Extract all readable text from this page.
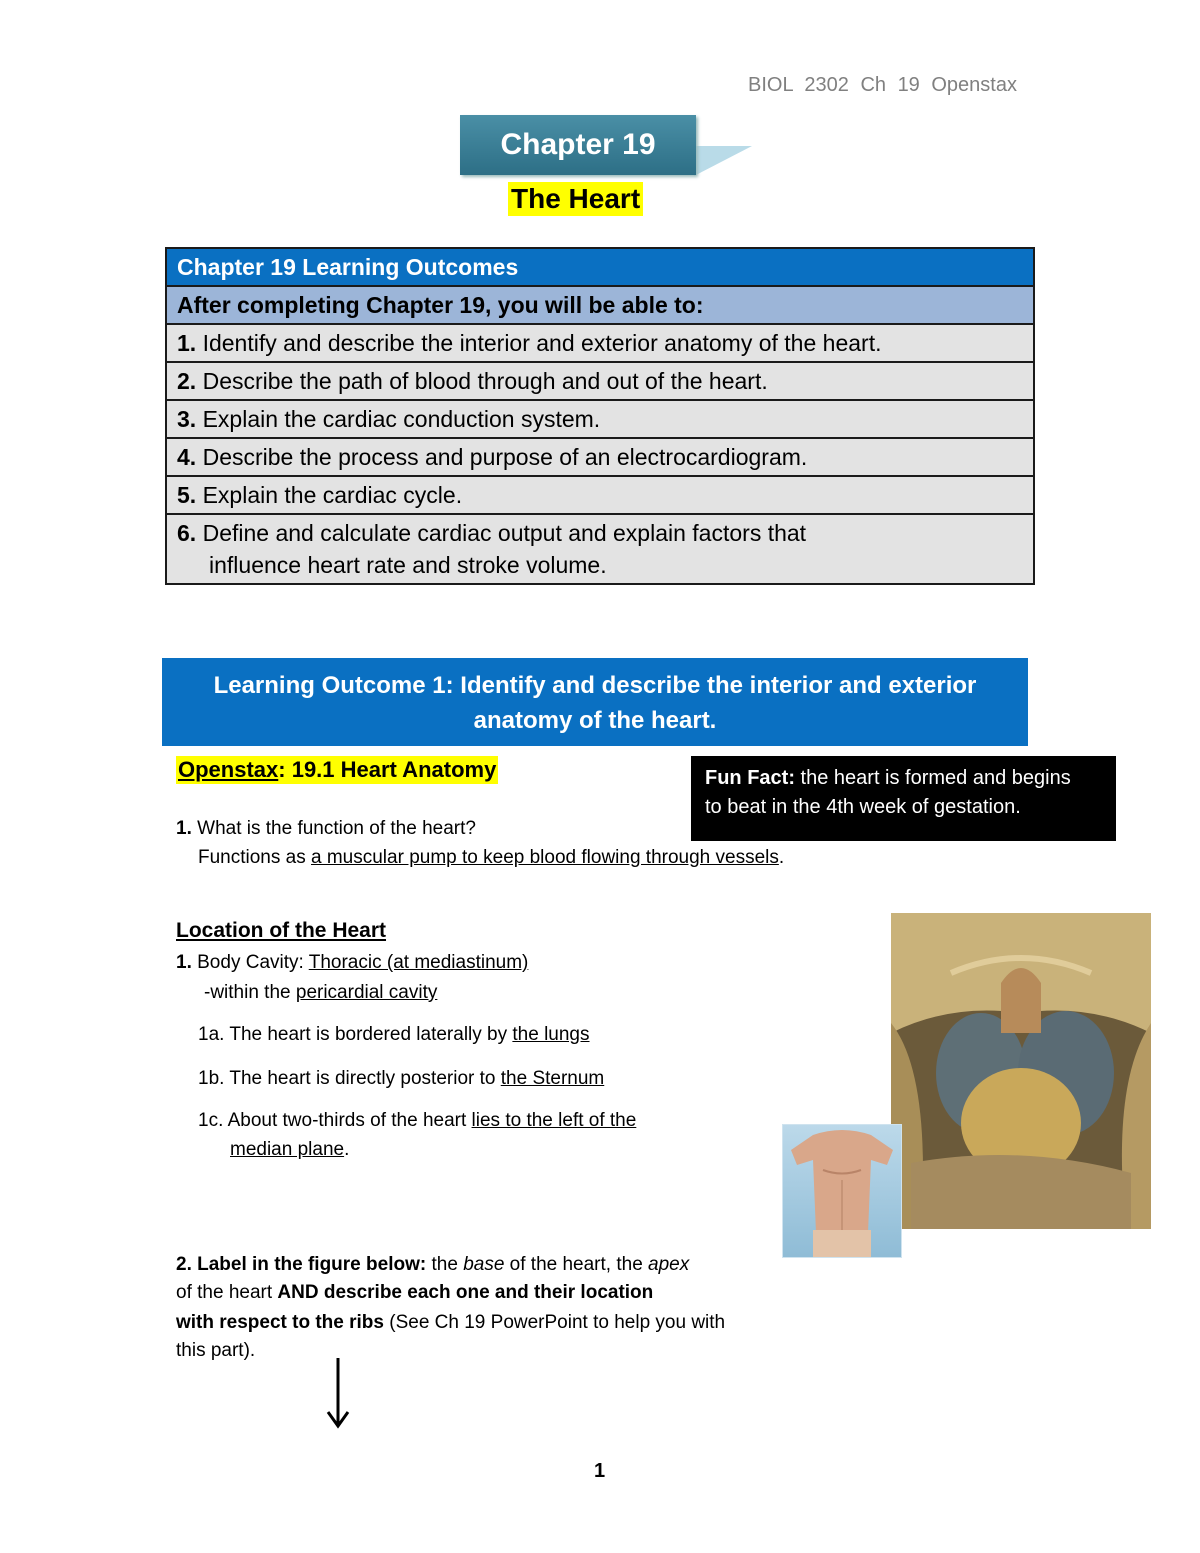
BIOL 2302 Ch 19 Openstax
Chapter 19
The Heart
Chapter 19 Learning Outcomes
After completing Chapter 19, you will be able to:
1. Identify and describe the interior and exterior anatomy of the heart.
2. Describe the path of blood through and out of the heart.
3. Explain the cardiac conduction system.
4. Describe the process and purpose of an electrocardiogram.
5. Explain the cardiac cycle.
6. Define and calculate cardiac output and explain factors that
influence heart rate and stroke volume.
Learning Outcome 1: Identify and describe the interior and exterior
anatomy of the heart.
Openstax: 19.1 Heart Anatomy	Fun Fact: the heart is formed and begins
to beat in the 4th week of gestation.
1. What is the function of the heart?
Functions as a muscular pump to keep blood flowing through vessels.
Location of the Heart
1. Body Cavity: Thoracic (at mediastinum)
-within the pericardial cavity
1a. The heart is bordered laterally by the lungs
1b. The heart is directly posterior to the Sternum
1c. About two-thirds of the heart lies to the left of the
median plane.
2. Label in the figure below: the base of the heart, the apex
of the heart AND describe each one and their location
with respect to the ribs (See Ch 19 PowerPoint to help you with
this part).
1
